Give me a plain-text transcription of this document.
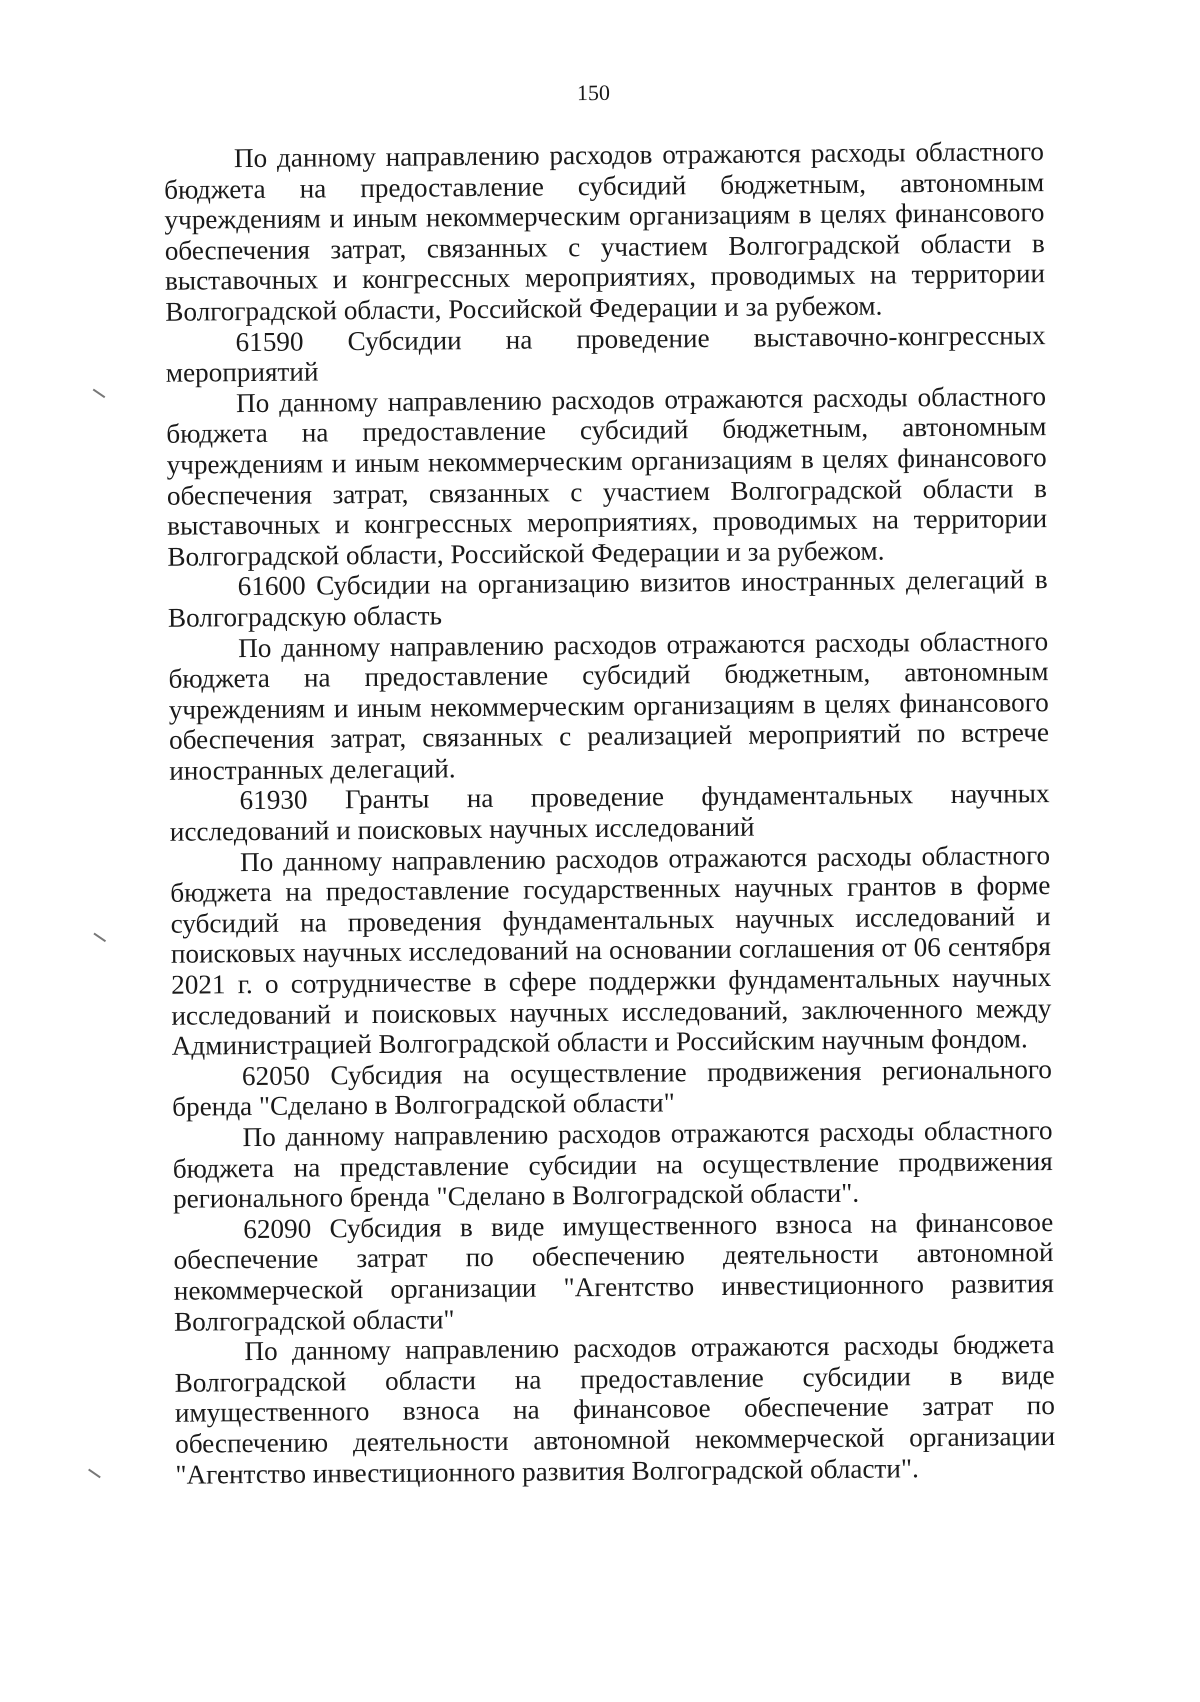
150

По данному направлению расходов отражаются расходы областного бюджета на предоставление субсидий бюджетным, автономным учреждениям и иным некоммерческим организациям в целях финансового обеспечения затрат, связанных с участием Волгоградской области в выставочных и конгрессных мероприятиях, проводимых на территории Волгоградской области, Российской Федерации и за рубежом.

61590 Субсидии на проведение выставочно-конгрессных мероприятий

По данному направлению расходов отражаются расходы областного бюджета на предоставление субсидий бюджетным, автономным учреждениям и иным некоммерческим организациям в целях финансового обеспечения затрат, связанных с участием Волгоградской области в выставочных и конгрессных мероприятиях, проводимых на территории Волгоградской области, Российской Федерации и за рубежом.

61600 Субсидии на организацию визитов иностранных делегаций в Волгоградскую область

По данному направлению расходов отражаются расходы областного бюджета на предоставление субсидий бюджетным, автономным учреждениям и иным некоммерческим организациям в целях финансового обеспечения затрат, связанных с реализацией мероприятий по встрече иностранных делегаций.

61930 Гранты на проведение фундаментальных научных исследований и поисковых научных исследований

По данному направлению расходов отражаются расходы областного бюджета на предоставление государственных научных грантов в форме субсидий на проведения фундаментальных научных исследований и поисковых научных исследований на основании соглашения от 06 сентября 2021 г. о сотрудничестве в сфере поддержки фундаментальных научных исследований и поисковых научных исследований, заключенного между Администрацией Волгоградской области и Российским научным фондом.

62050 Субсидия на осуществление продвижения регионального бренда "Сделано в Волгоградской области"

По данному направлению расходов отражаются расходы областного бюджета на представление субсидии на осуществление продвижения регионального бренда "Сделано в Волгоградской области".

62090 Субсидия в виде имущественного взноса на финансовое обеспечение затрат по обеспечению деятельности автономной некоммерческой организации "Агентство инвестиционного развития Волгоградской области"

По данному направлению расходов отражаются расходы бюджета Волгоградской области на предоставление субсидии в виде имущественного взноса на финансовое обеспечение затрат по обеспечению деятельности автономной некоммерческой организации "Агентство инвестиционного развития Волгоградской области".
